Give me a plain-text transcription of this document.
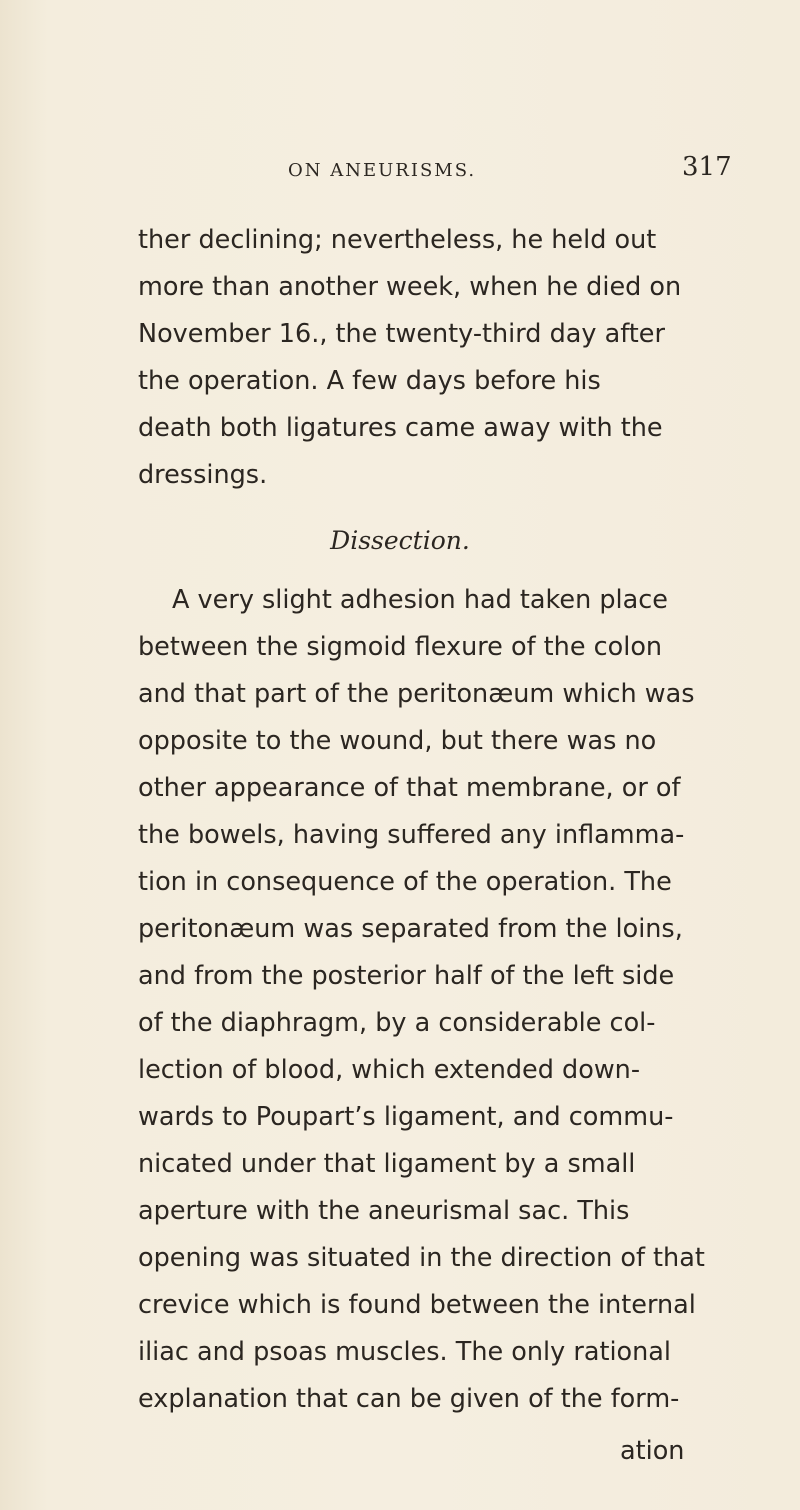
ON ANEURISMS.	317
ther declining; nevertheless, he held out
more than another week, when he died on
November 16., the twenty-third day after
the operation. A few days before his
death both ligatures came away with the
dressings.
Dissection.
A very slight adhesion had taken place
between the sigmoid flexure of the colon
and that part of the peritonæum which was
opposite to the wound, but there was no
other appearance of that membrane, or of
the bowels, having suffered any inflamma-
tion in consequence of the operation. The
peritonæum was separated from the loins,
and from the posterior half of the left side
of the diaphragm, by a considerable col-
lection of blood, which extended down-
wards to Poupart’s ligament, and commu-
nicated under that ligament by a small
aperture with the aneurismal sac. This
opening was situated in the direction of that
crevice which is found between the internal
iliac and psoas muscles. The only rational
explanation that can be given of the form-
ation
